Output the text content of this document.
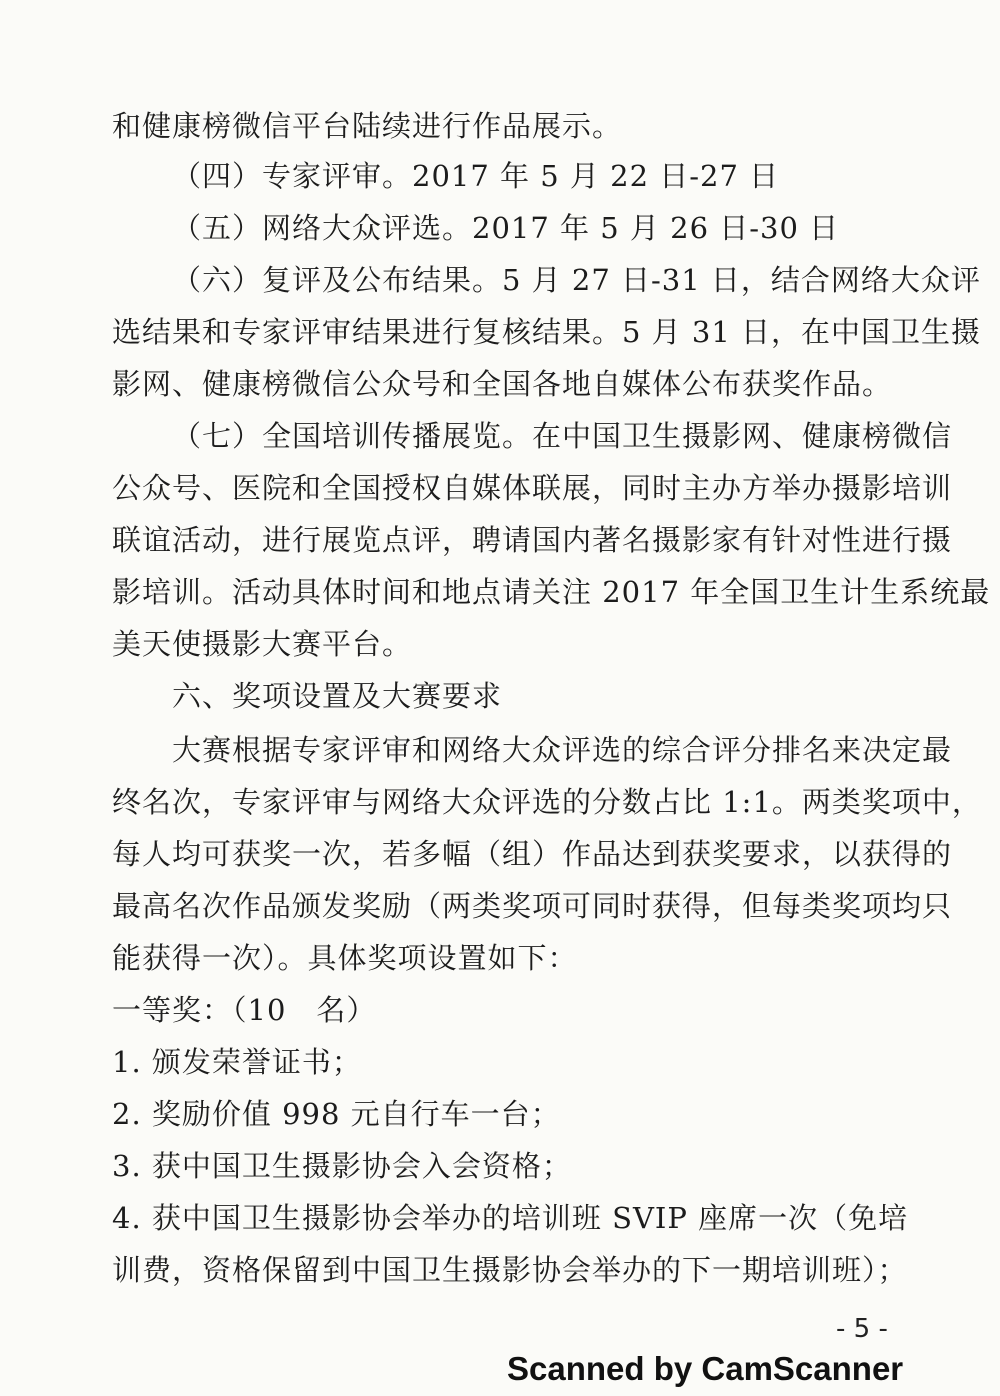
和健康榜微信平台陆续进行作品展示。
（四）专家评审。2017 年 5 月 22 日-27 日
（五）网络大众评选。2017 年 5 月 26 日-30 日
（六）复评及公布结果。5 月 27 日-31 日，结合网络大众评
选结果和专家评审结果进行复核结果。5 月 31 日，在中国卫生摄
影网、健康榜微信公众号和全国各地自媒体公布获奖作品。
（七）全国培训传播展览。在中国卫生摄影网、健康榜微信
公众号、医院和全国授权自媒体联展，同时主办方举办摄影培训
联谊活动，进行展览点评，聘请国内著名摄影家有针对性进行摄
影培训。活动具体时间和地点请关注 2017 年全国卫生计生系统最
美天使摄影大赛平台。
六、奖项设置及大赛要求
大赛根据专家评审和网络大众评选的综合评分排名来决定最
终名次，专家评审与网络大众评选的分数占比 1:1。两类奖项中，
每人均可获奖一次，若多幅（组）作品达到获奖要求，以获得的
最高名次作品颁发奖励（两类奖项可同时获得，但每类奖项均只
能获得一次）。具体奖项设置如下：
一等奖：（10　名）
1. 颁发荣誉证书；
2. 奖励价值 998 元自行车一台；
3. 获中国卫生摄影协会入会资格；
4. 获中国卫生摄影协会举办的培训班 SVIP 座席一次（免培
训费，资格保留到中国卫生摄影协会举办的下一期培训班）；
- 5 -
Scanned by CamScanner
